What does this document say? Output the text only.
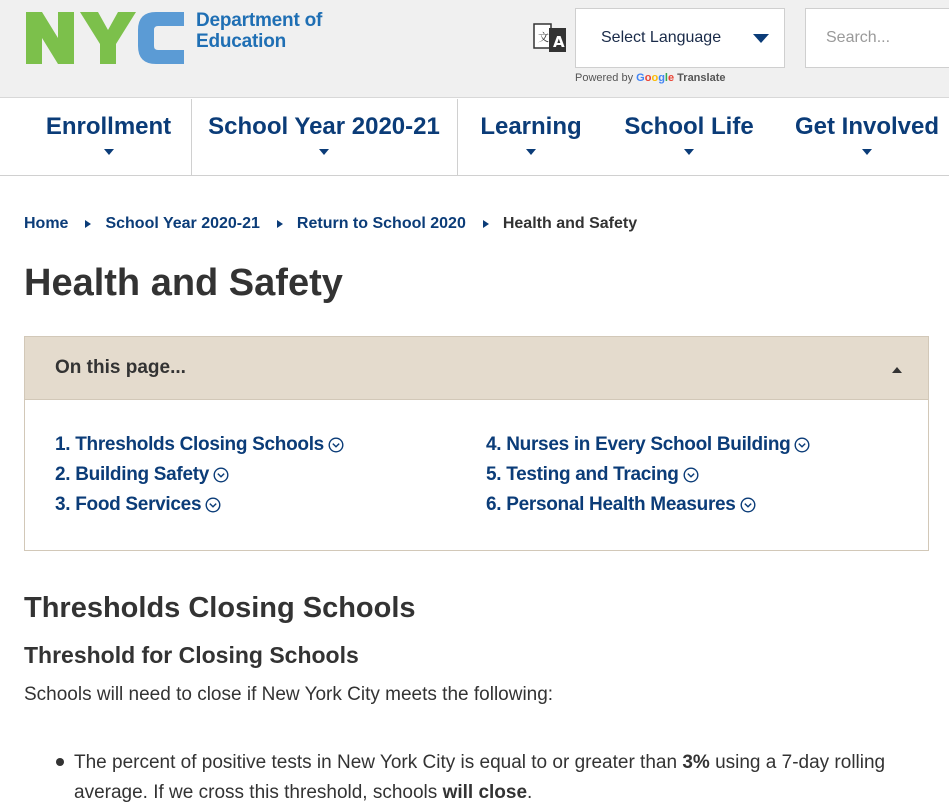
Department of
Education	文 A Select Language
Powered by Google Translate
Search...
Enrollment School Year 2020-21 Learning School Life Get Involved
Home School Year 2020-21 Return to School 2020 Health and Safety
Health and Safety
On this page...
1. Thresholds Closing Schools
2. Building Safety
3. Food Services
4. Nurses in Every School Building
5. Testing and Tracing
6. Personal Health Measures
Thresholds Closing Schools
Threshold for Closing Schools

Schools will need to close if New York City meets the following:

The percent of positive tests in New York City is equal to or greater than 3% using a 7-day rolling average. If we cross this threshold, schools will close.
